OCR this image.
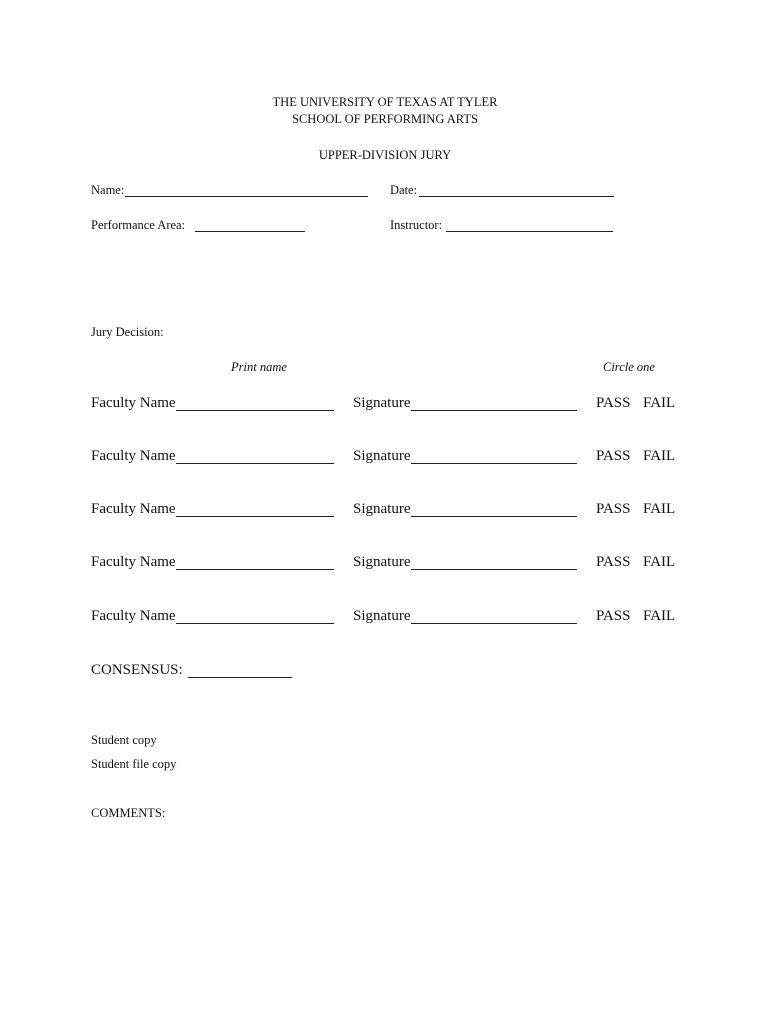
THE UNIVERSITY OF TEXAS AT TYLER
SCHOOL OF PERFORMING ARTS
UPPER-DIVISION JURY
Name:	Date:
Performance Area:	Instructor:
Jury Decision:
Print name	Circle one
Faculty Name	Signature	PASS FAIL
Faculty Name	Signature	PASS FAIL
Faculty Name	Signature	PASS FAIL
Faculty Name	Signature	PASS FAIL
Faculty Name	Signature	PASS FAIL
CONSENSUS:
Student copy
Student file copy
COMMENTS:
